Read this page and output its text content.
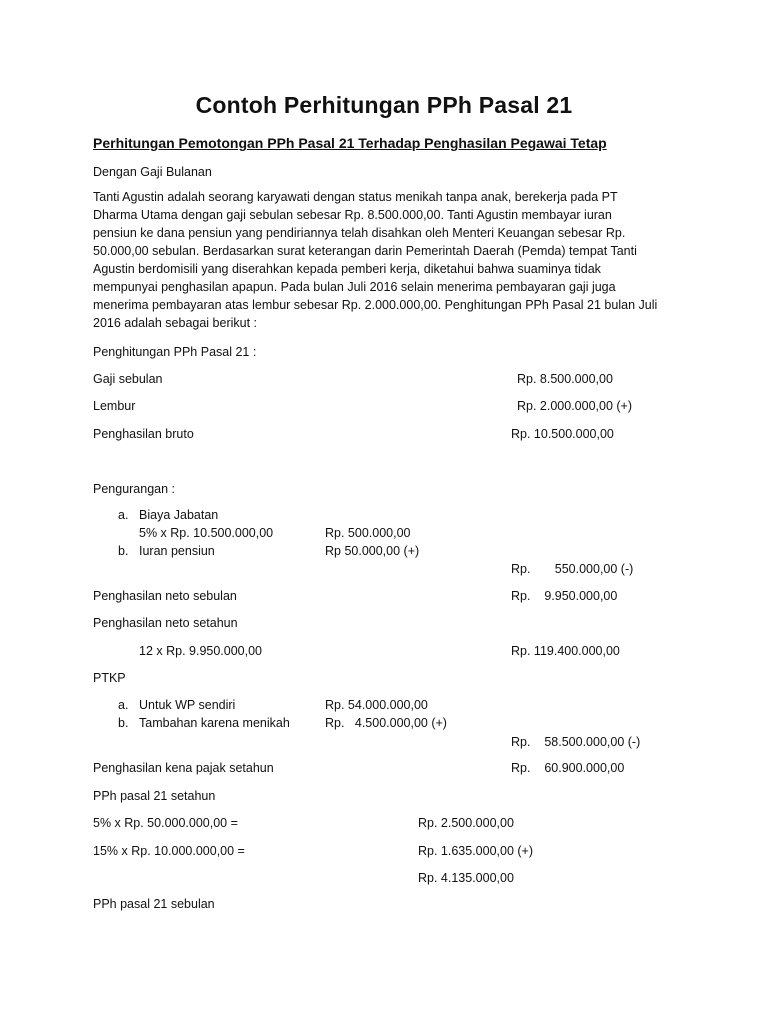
Contoh Perhitungan PPh Pasal 21
Perhitungan Pemotongan PPh Pasal 21 Terhadap Penghasilan Pegawai Tetap
Dengan Gaji Bulanan
Tanti Agustin adalah seorang karyawati dengan status menikah tanpa anak, berekerja pada PT
Dharma Utama dengan gaji sebulan sebesar Rp. 8.500.000,00. Tanti Agustin membayar iuran
pensiun ke dana pensiun yang pendiriannya telah disahkan oleh Menteri Keuangan sebesar Rp.
50.000,00 sebulan. Berdasarkan surat keterangan darin Pemerintah Daerah (Pemda) tempat Tanti
Agustin berdomisili yang diserahkan kepada pemberi kerja, diketahui bahwa suaminya tidak
mempunyai penghasilan apapun. Pada bulan Juli 2016 selain menerima pembayaran gaji juga
menerima pembayaran atas lembur sebesar Rp. 2.000.000,00. Penghitungan PPh Pasal 21 bulan Juli
2016 adalah sebagai berikut :
Penghitungan PPh Pasal 21 :
Gaji sebulan	Rp. 8.500.000,00
Lembur	Rp. 2.000.000,00 (+)
Penghasilan bruto	Rp. 10.500.000,00
Pengurangan :
a. Biaya Jabatan
5% x Rp. 10.500.000,00	Rp. 500.000,00
b. Iuran pensiun	Rp 50.000,00 (+)
Rp.       550.000,00 (-)
Penghasilan neto sebulan	Rp.    9.950.000,00
Penghasilan neto setahun
12 x Rp. 9.950.000,00	Rp. 119.400.000,00
PTKP
a. Untuk WP sendiri	Rp. 54.000.000,00
b. Tambahan karena menikah	Rp.   4.500.000,00 (+)
Rp.    58.500.000,00 (-)
Penghasilan kena pajak setahun	Rp.    60.900.000,00
PPh pasal 21 setahun
5% x Rp. 50.000.000,00 =	Rp. 2.500.000,00
15% x Rp. 10.000.000,00 =	Rp. 1.635.000,00 (+)
Rp. 4.135.000,00
PPh pasal 21 sebulan
